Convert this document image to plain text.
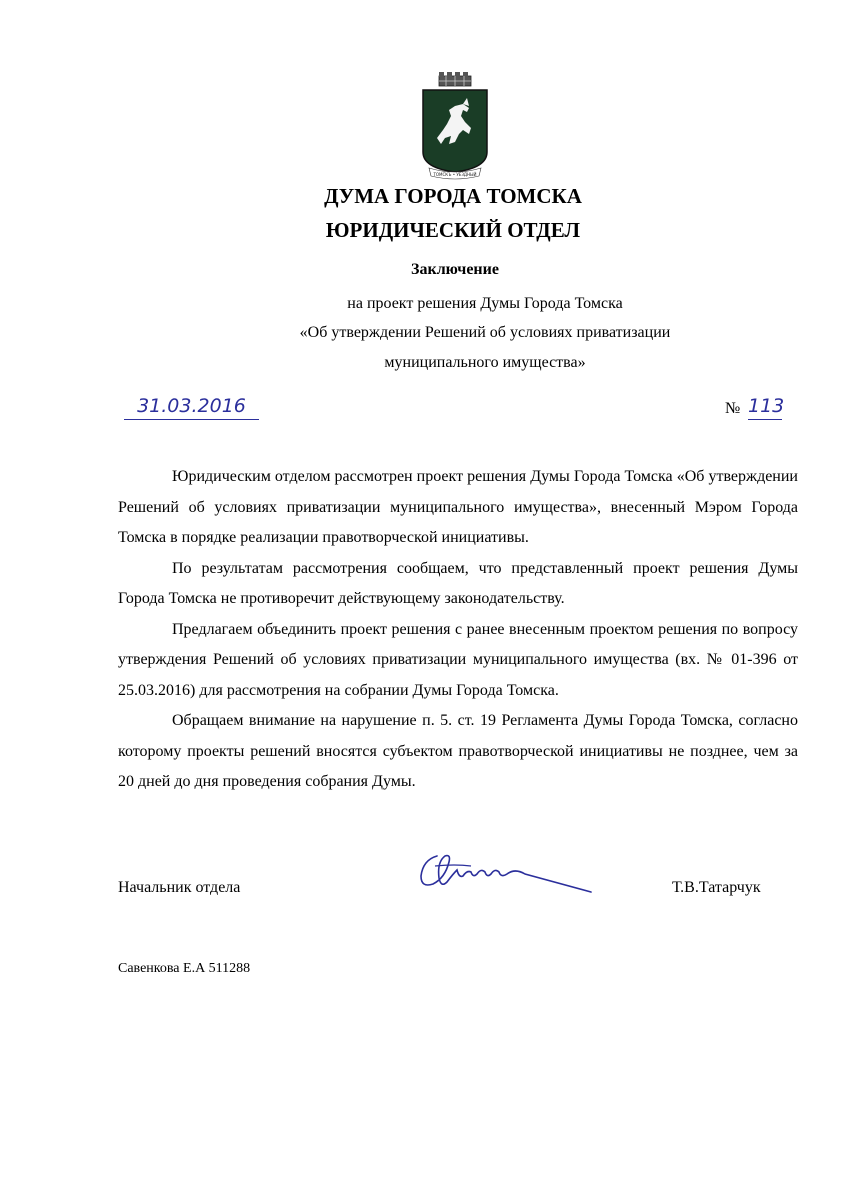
ТОМСКЪ • УЕЗДНЫЙ
ДУМА ГОРОДА ТОМСКА
ЮРИДИЧЕСКИЙ ОТДЕЛ
Заключение
на проект решения Думы Города Томска
«Об утверждении Решений об условиях приватизации
муниципального имущества»
31.03.2016	№ 113

Юридическим отделом рассмотрен проект решения Думы Города Томска «Об утверждении Решений об условиях приватизации муниципального имущества», внесенный Мэром Города Томска в порядке реализации правотворческой инициативы.

По результатам рассмотрения сообщаем, что представленный проект решения Думы Города Томска не противоречит действующему законодательству.

Предлагаем объединить проект решения с ранее внесенным проектом решения по вопросу утверждения Решений об условиях приватизации муниципального имущества (вх. № 01-396 от 25.03.2016) для рассмотрения на собрании Думы Города Томска.

Обращаем внимание на нарушение п. 5. ст. 19 Регламента Думы Города Томска, согласно которому проекты решений вносятся субъектом правотворческой инициативы не позднее, чем за 20 дней до дня проведения собрания Думы.

Начальник отдела	Т.В.Татарчук
Савенкова Е.А 511288
